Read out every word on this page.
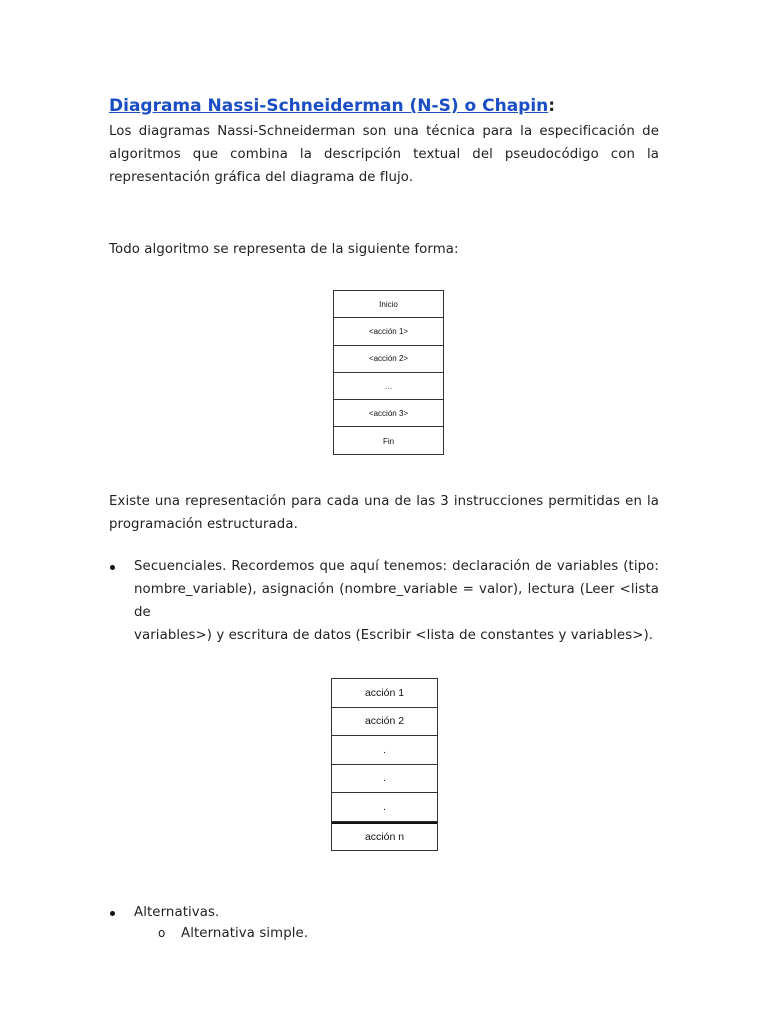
Diagrama Nassi-Schneiderman (N-S) o Chapin:
Los diagramas Nassi-Schneiderman son una técnica para la especificación de
algoritmos que combina la descripción textual del pseudocódigo con la
representación gráfica del diagrama de flujo.
Todo algoritmo se representa de la siguiente forma:
Inicio
<acción 1>
<acción 2>
…
<acción 3>
Fin
Existe una representación para cada una de las 3 instrucciones permitidas en la
programación estructurada.
Secuenciales. Recordemos que aquí tenemos: declaración de variables (tipo:
nombre_variable), asignación (nombre_variable = valor), lectura (Leer <lista de
variables>) y escritura de datos (Escribir <lista de constantes y variables>).
acción 1
acción 2
.
.
.
acción n
Alternativas.
o Alternativa simple.
